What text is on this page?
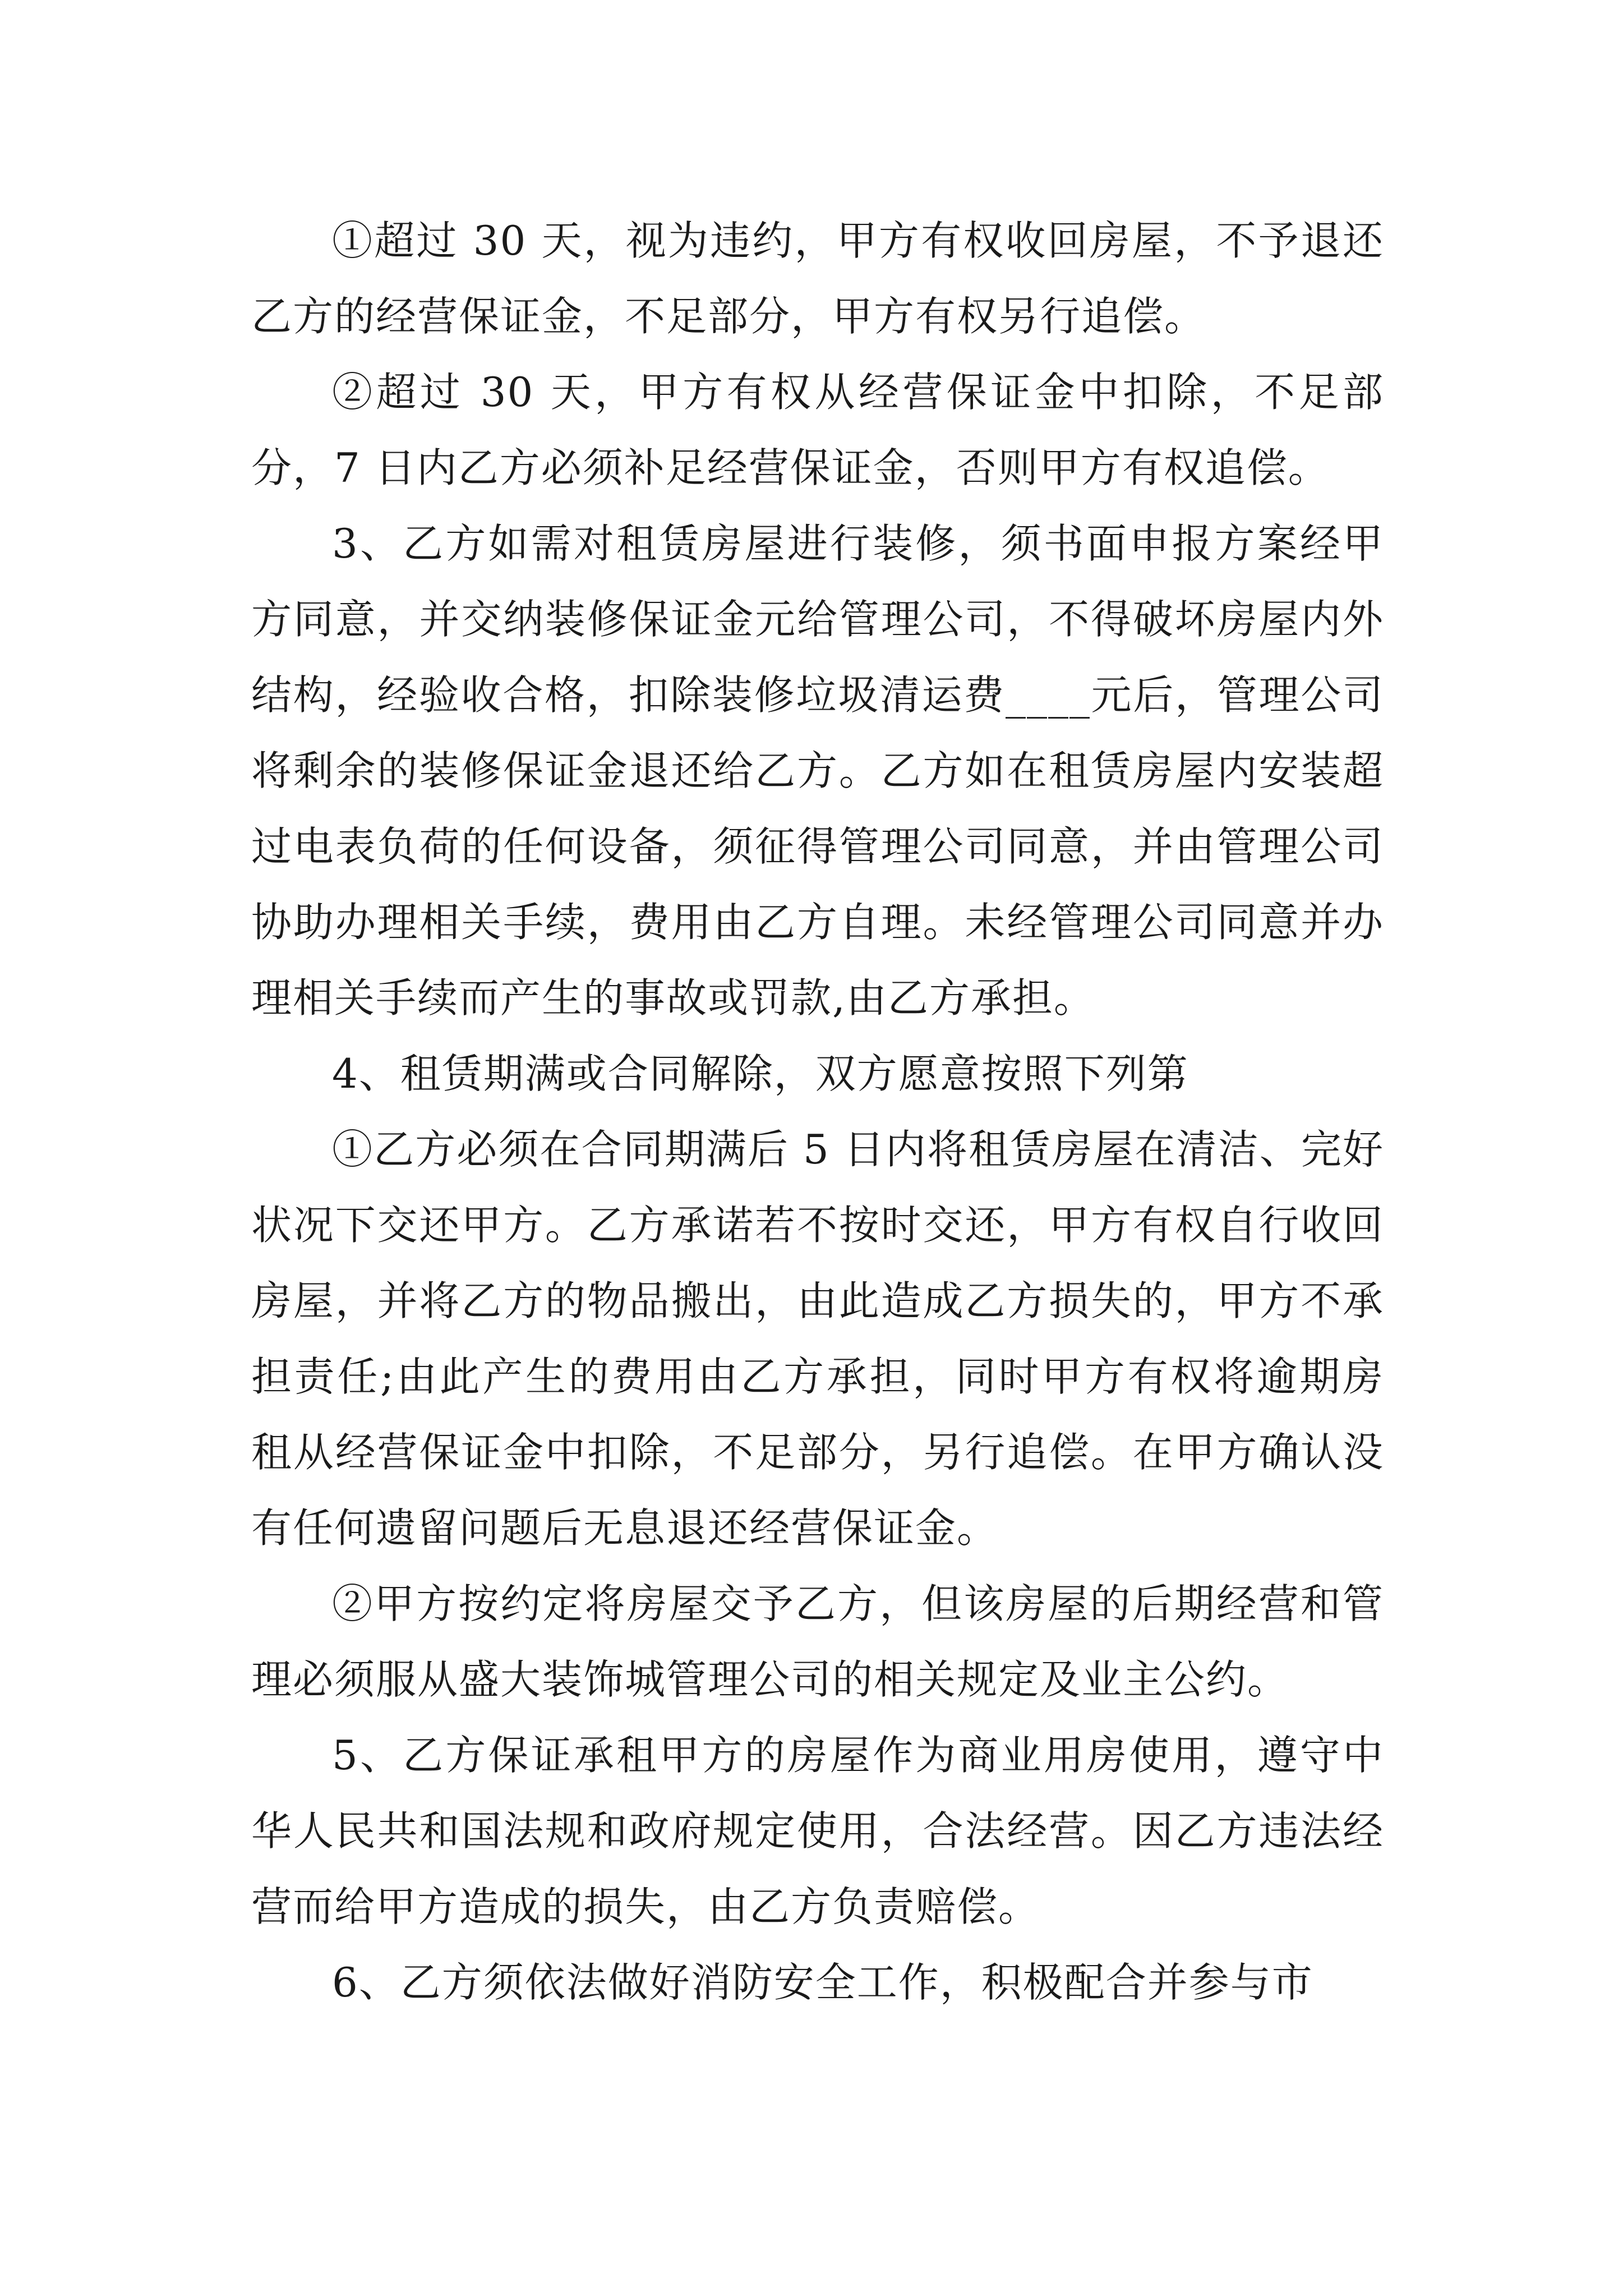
①超过 30 天，视为违约，甲方有权收回房屋，不予退还乙方的经营保证金，不足部分，甲方有权另行追偿。

②超过 30 天，甲方有权从经营保证金中扣除，不足部分，7 日内乙方必须补足经营保证金，否则甲方有权追偿。

3、乙方如需对租赁房屋进行装修，须书面申报方案经甲方同意，并交纳装修保证金元给管理公司，不得破坏房屋内外结构，经验收合格，扣除装修垃圾清运费____元后，管理公司将剩余的装修保证金退还给乙方。乙方如在租赁房屋内安装超过电表负荷的任何设备，须征得管理公司同意，并由管理公司协助办理相关手续，费用由乙方自理。未经管理公司同意并办理相关手续而产生的事故或罚款,由乙方承担。

4、租赁期满或合同解除，双方愿意按照下列第

①乙方必须在合同期满后 5 日内将租赁房屋在清洁、完好状况下交还甲方。乙方承诺若不按时交还，甲方有权自行收回房屋，并将乙方的物品搬出，由此造成乙方损失的，甲方不承担责任;由此产生的费用由乙方承担，同时甲方有权将逾期房租从经营保证金中扣除，不足部分，另行追偿。在甲方确认没有任何遗留问题后无息退还经营保证金。

②甲方按约定将房屋交予乙方，但该房屋的后期经营和管理必须服从盛大装饰城管理公司的相关规定及业主公约。

5、乙方保证承租甲方的房屋作为商业用房使用，遵守中华人民共和国法规和政府规定使用，合法经营。因乙方违法经营而给甲方造成的损失，由乙方负责赔偿。

6、乙方须依法做好消防安全工作，积极配合并参与市
